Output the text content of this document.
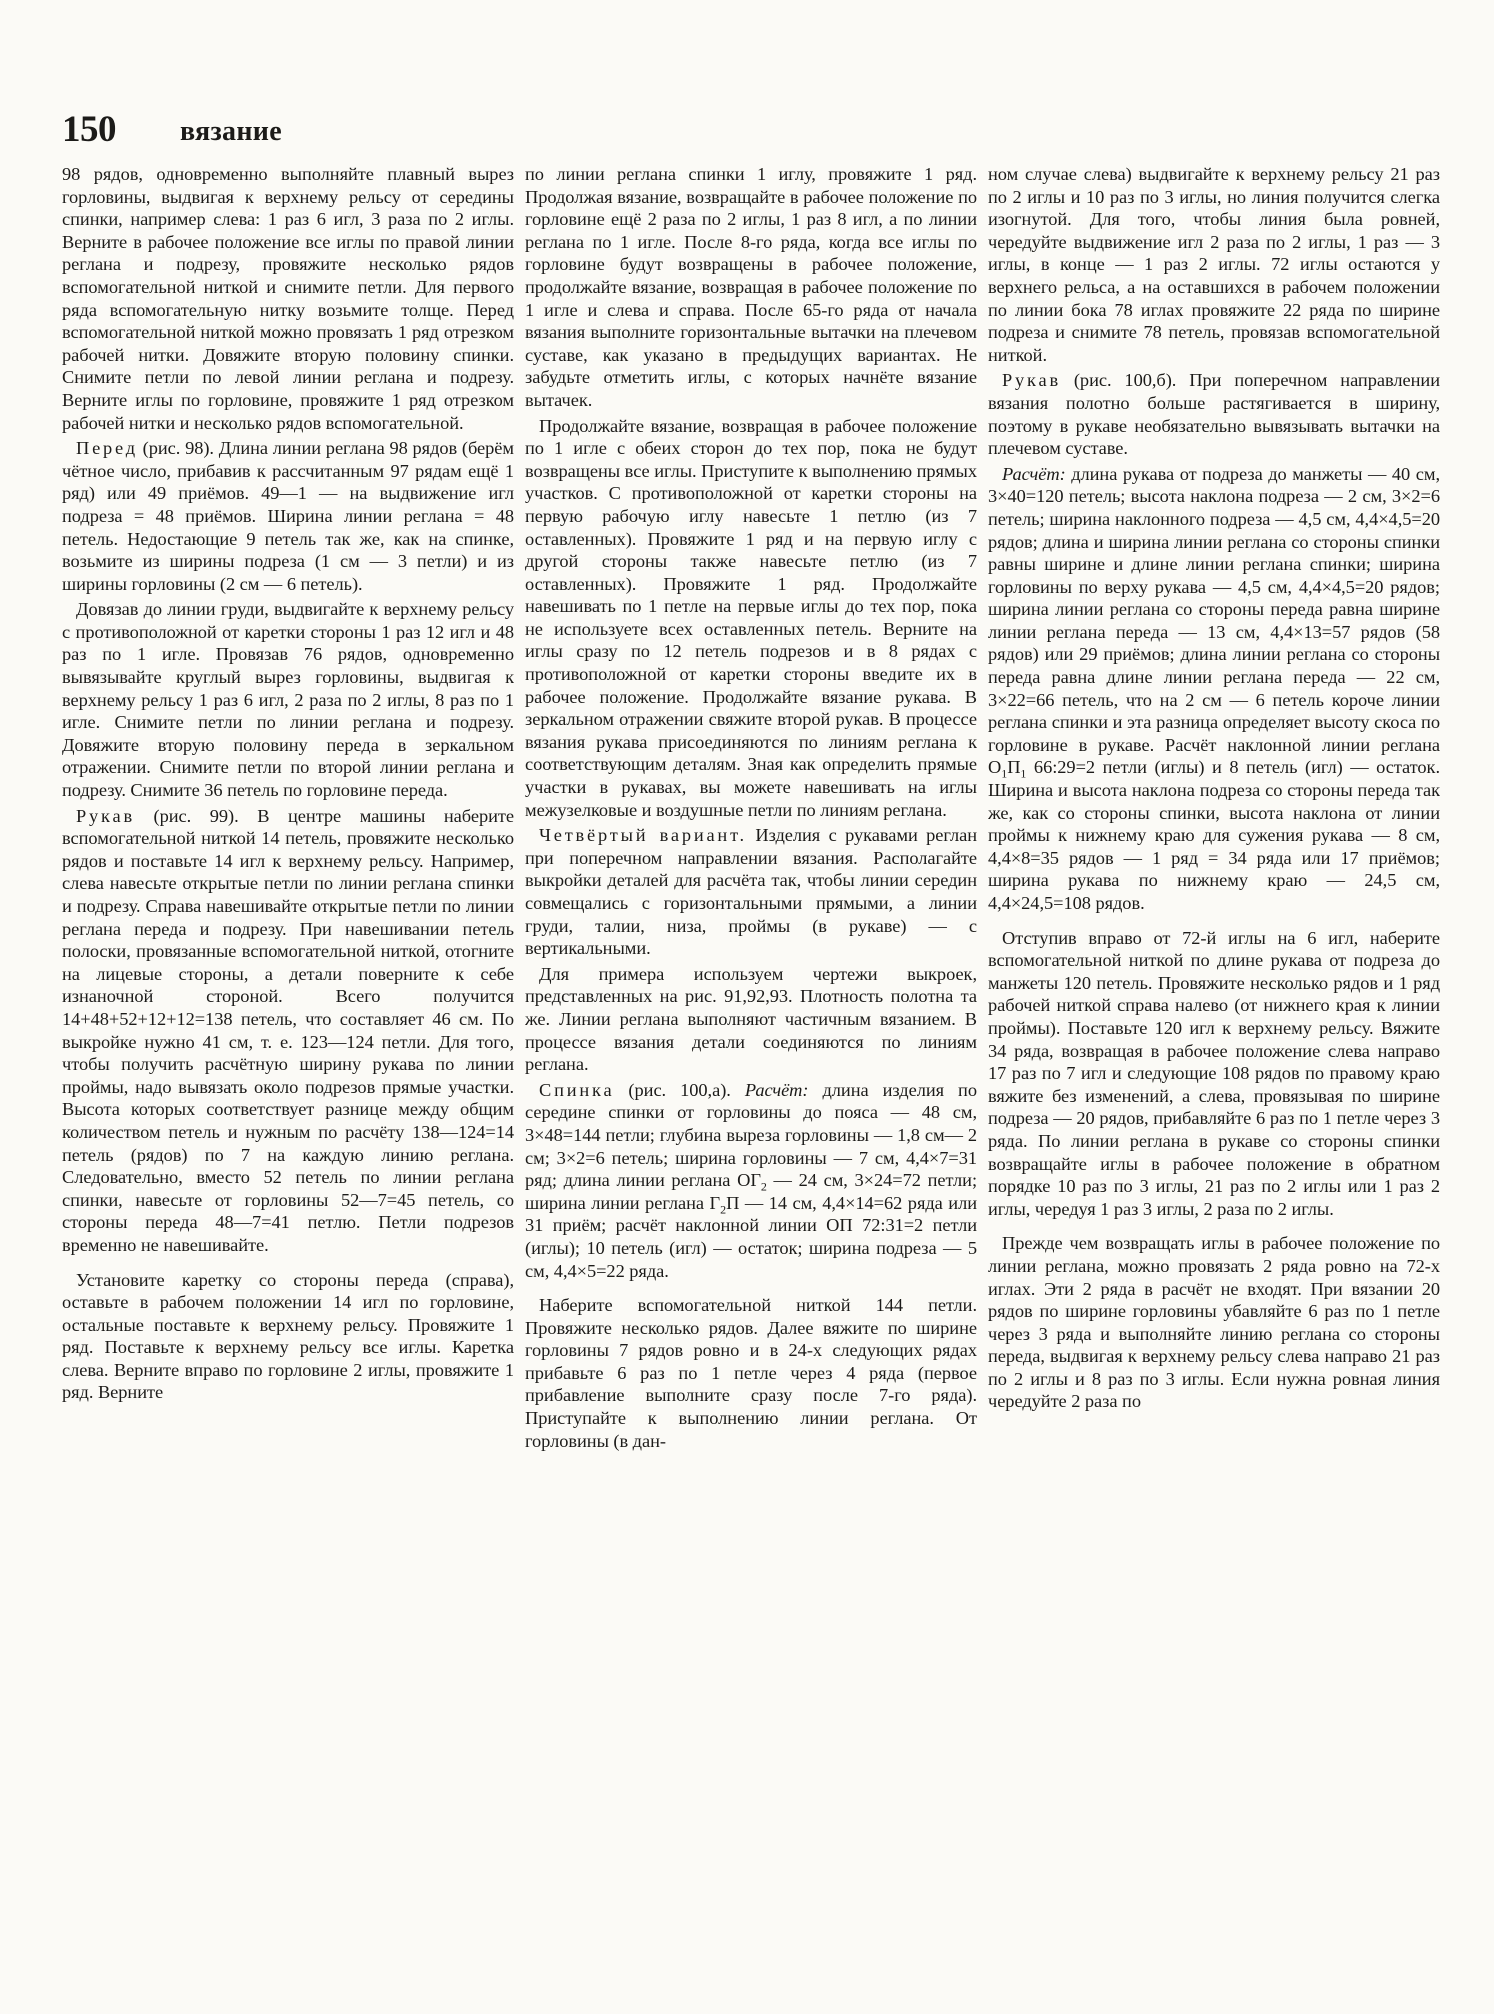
150 вязание

98 рядов, одновременно выполняйте плавный вырез горловины, выдвигая к верхнему рельсу от середины спинки, например слева: 1 раз 6 игл, 3 раза по 2 иглы. Верните в рабочее положение все иглы по правой линии реглана и подрезу, провяжите несколько рядов вспомогательной ниткой и снимите петли. Для первого ряда вспомогательную нитку возьмите толще. Перед вспомогательной ниткой можно провязать 1 ряд отрезком рабочей нитки. Довяжите вторую половину спинки. Снимите петли по левой линии реглана и подрезу. Верните иглы по горловине, провяжите 1 ряд отрезком рабочей нитки и несколько рядов вспомогательной.

Перед (рис. 98). Длина линии реглана 98 рядов (берём чётное число, прибавив к рассчитанным 97 рядам ещё 1 ряд) или 49 приёмов. 49—1 — на выдвижение игл подреза = 48 приёмов. Ширина линии реглана = 48 петель. Недостающие 9 петель так же, как на спинке, возьмите из ширины подреза (1 см — 3 петли) и из ширины горловины (2 см — 6 петель).

Довязав до линии груди, выдвигайте к верхнему рельсу с противоположной от каретки стороны 1 раз 12 игл и 48 раз по 1 игле. Провязав 76 рядов, одновременно вывязывайте круглый вырез горловины, выдвигая к верхнему рельсу 1 раз 6 игл, 2 раза по 2 иглы, 8 раз по 1 игле. Снимите петли по линии реглана и подрезу. Довяжите вторую половину переда в зеркальном отражении. Снимите петли по второй линии реглана и подрезу. Снимите 36 петель по горловине переда.

Рукав (рис. 99). В центре машины наберите вспомогательной ниткой 14 петель, провяжите несколько рядов и поставьте 14 игл к верхнему рельсу. Например, слева навесьте открытые петли по линии реглана спинки и подрезу. Справа навешивайте открытые петли по линии реглана переда и подрезу. При навешивании петель полоски, провязанные вспомогательной ниткой, отогните на лицевые стороны, а детали поверните к себе изнаночной стороной. Всего получится 14+48+52+12+12=138 петель, что составляет 46 см. По выкройке нужно 41 см, т. е. 123—124 петли. Для того, чтобы получить расчётную ширину рукава по линии проймы, надо вывязать около подрезов прямые участки. Высота которых соответствует разнице между общим количеством петель и нужным по расчёту 138—124=14 петель (рядов) по 7 на каждую линию реглана. Следовательно, вместо 52 петель по линии реглана спинки, навесьте от горловины 52—7=45 петель, со стороны переда 48—7=41 петлю. Петли подрезов временно не навешивайте.

Установите каретку со стороны переда (справа), оставьте в рабочем положении 14 игл по горловине, остальные поставьте к верхнему рельсу. Провяжите 1 ряд. Поставьте к верхнему рельсу все иглы. Каретка слева. Верните вправо по горловине 2 иглы, провяжите 1 ряд. Верните

по линии реглана спинки 1 иглу, провяжите 1 ряд. Продолжая вязание, возвращайте в рабочее положение по горловине ещё 2 раза по 2 иглы, 1 раз 8 игл, а по линии реглана по 1 игле. После 8-го ряда, когда все иглы по горловине будут возвращены в рабочее положение, продолжайте вязание, возвращая в рабочее положение по 1 игле и слева и справа. После 65-го ряда от начала вязания выполните горизонтальные вытачки на плечевом суставе, как указано в предыдущих вариантах. Не забудьте отметить иглы, с которых начнёте вязание вытачек.

Продолжайте вязание, возвращая в рабочее положение по 1 игле с обеих сторон до тех пор, пока не будут возвращены все иглы. Приступите к выполнению прямых участков. С противоположной от каретки стороны на первую рабочую иглу навесьте 1 петлю (из 7 оставленных). Провяжите 1 ряд и на первую иглу с другой стороны также навесьте петлю (из 7 оставленных). Провяжите 1 ряд. Продолжайте навешивать по 1 петле на первые иглы до тех пор, пока не используете всех оставленных петель. Верните на иглы сразу по 12 петель подрезов и в 8 рядах с противоположной от каретки стороны введите их в рабочее положение. Продолжайте вязание рукава. В зеркальном отражении свяжите второй рукав. В процессе вязания рукава присоединяются по линиям реглана к соответствующим деталям. Зная как определить прямые участки в рукавах, вы можете навешивать на иглы межузелковые и воздушные петли по линиям реглана.

Четвёртый вариант. Изделия с рукавами реглан при поперечном направлении вязания. Располагайте выкройки деталей для расчёта так, чтобы линии середин совмещались с горизонтальными прямыми, а линии груди, талии, низа, проймы (в рукаве) — с вертикальными.

Для примера используем чертежи выкроек, представленных на рис. 91,92,93. Плотность полотна та же. Линии реглана выполняют частичным вязанием. В процессе вязания детали соединяются по линиям реглана.

Спинка (рис. 100,а). Расчёт: длина изделия по середине спинки от горловины до пояса — 48 см, 3×48=144 петли; глубина выреза горловины — 1,8 см— 2 см; 3×2=6 петель; ширина горловины — 7 см, 4,4×7=31 ряд; длина линии реглана $ОГ_2$ — 24 см, 3×24=72 петли; ширина линии реглана $Г_2П$ — 14 см, 4,4×14=62 ряда или 31 приём; расчёт наклонной линии ОП 72:31=2 петли (иглы); 10 петель (игл) — остаток; ширина подреза — 5 см, 4,4×5=22 ряда.

Наберите вспомогательной ниткой 144 петли. Провяжите несколько рядов. Далее вяжите по ширине горловины 7 рядов ровно и в 24-х следующих рядах прибавьте 6 раз по 1 петле через 4 ряда (первое прибавление выполните сразу после 7-го ряда). Приступайте к выполнению линии реглана. От горловины (в дан-

ном случае слева) выдвигайте к верхнему рельсу 21 раз по 2 иглы и 10 раз по 3 иглы, но линия получится слегка изогнутой. Для того, чтобы линия была ровней, чередуйте выдвижение игл 2 раза по 2 иглы, 1 раз — 3 иглы, в конце — 1 раз 2 иглы. 72 иглы остаются у верхнего рельса, а на оставшихся в рабочем положении по линии бока 78 иглах провяжите 22 ряда по ширине подреза и снимите 78 петель, провязав вспомогательной ниткой.

Рукав (рис. 100,б). При поперечном направлении вязания полотно больше растягивается в ширину, поэтому в рукаве необязательно вывязывать вытачки на плечевом суставе.

Расчёт: длина рукава от подреза до манжеты — 40 см, 3×40=120 петель; высота наклона подреза — 2 см, 3×2=6 петель; ширина наклонного подреза — 4,5 см, 4,4×4,5=20 рядов; длина и ширина линии реглана со стороны спинки равны ширине и длине линии реглана спинки; ширина горловины по верху рукава — 4,5 см, 4,4×4,5=20 рядов; ширина линии реглана со стороны переда равна ширине линии реглана переда — 13 см, 4,4×13=57 рядов (58 рядов) или 29 приёмов; длина линии реглана со стороны переда равна длине линии реглана переда — 22 см, 3×22=66 петель, что на 2 см — 6 петель короче линии реглана спинки и эта разница определяет высоту скоса по горловине в рукаве. Расчёт наклонной линии реглана $О_1П_1$ 66:29=2 петли (иглы) и 8 петель (игл) — остаток. Ширина и высота наклона подреза со стороны переда так же, как со стороны спинки, высота наклона от линии проймы к нижнему краю для сужения рукава — 8 см, 4,4×8=35 рядов — 1 ряд = 34 ряда или 17 приёмов; ширина рукава по нижнему краю — 24,5 см, 4,4×24,5=108 рядов.

Отступив вправо от 72-й иглы на 6 игл, наберите вспомогательной ниткой по длине рукава от подреза до манжеты 120 петель. Провяжите несколько рядов и 1 ряд рабочей ниткой справа налево (от нижнего края к линии проймы). Поставьте 120 игл к верхнему рельсу. Вяжите 34 ряда, возвращая в рабочее положение слева направо 17 раз по 7 игл и следующие 108 рядов по правому краю вяжите без изменений, а слева, провязывая по ширине подреза — 20 рядов, прибавляйте 6 раз по 1 петле через 3 ряда. По линии реглана в рукаве со стороны спинки возвращайте иглы в рабочее положение в обратном порядке 10 раз по 3 иглы, 21 раз по 2 иглы или 1 раз 2 иглы, чередуя 1 раз 3 иглы, 2 раза по 2 иглы.

Прежде чем возвращать иглы в рабочее положение по линии реглана, можно провязать 2 ряда ровно на 72-х иглах. Эти 2 ряда в расчёт не входят. При вязании 20 рядов по ширине горловины убавляйте 6 раз по 1 петле через 3 ряда и выполняйте линию реглана со стороны переда, выдвигая к верхнему рельсу слева направо 21 раз по 2 иглы и 8 раз по 3 иглы. Если нужна ровная линия чередуйте 2 раза по
